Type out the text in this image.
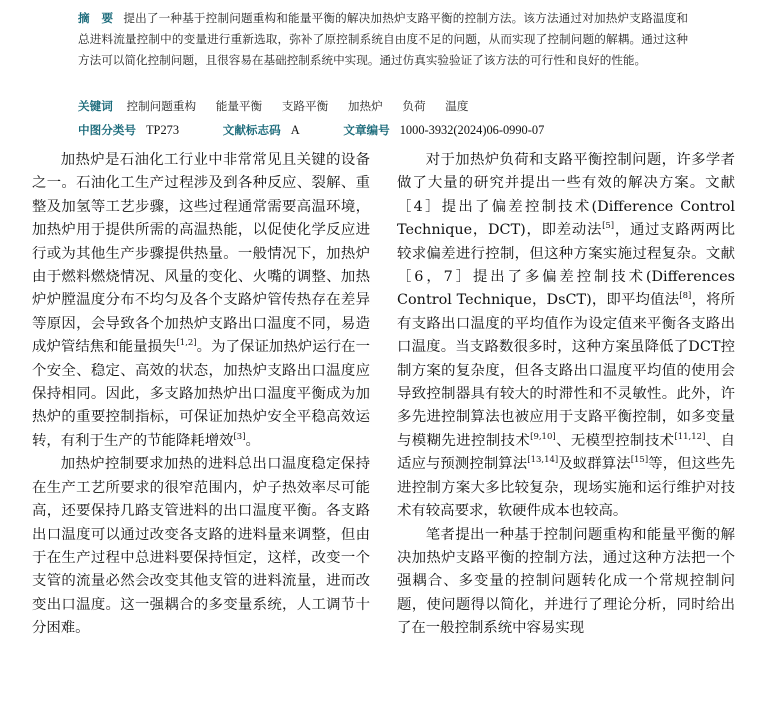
摘　要 提出了一种基于控制问题重构和能量平衡的解决加热炉支路平衡的控制方法。该方法通过对加热炉支路温度和总进料流量控制中的变量进行重新选取，弥补了原控制系统自由度不足的问题，从而实现了控制问题的解耦。通过这种方法可以简化控制问题，且很容易在基础控制系统中实现。通过仿真实验验证了该方法的可行性和良好的性能。
关键词 控制问题重构 能量平衡 支路平衡 加热炉 负荷 温度
中图分类号 TP273	文献标志码 A	文章编号 1000-3932(2024)06-0990-07

加热炉是石油化工行业中非常常见且关键的设备之一。石油化工生产过程涉及到各种反应、裂解、重整及加氢等工艺步骤，这些过程通常需要高温环境，加热炉用于提供所需的高温热能，以促使化学反应进行或为其他生产步骤提供热量。一般情况下，加热炉由于燃料燃烧情况、风量的变化、火嘴的调整、加热炉炉膛温度分布不均匀及各个支路炉管传热存在差异等原因，会导致各个加热炉支路出口温度不同，易造成炉管结焦和能量损失[1,2]。为了保证加热炉运行在一个安全、稳定、高效的状态，加热炉支路出口温度应保持相同。因此，多支路加热炉出口温度平衡成为加热炉的重要控制指标，可保证加热炉安全平稳高效运转，有利于生产的节能降耗增效[3]。

加热炉控制要求加热的进料总出口温度稳定保持在生产工艺所要求的很窄范围内，炉子热效率尽可能高，还要保持几路支管进料的出口温度平衡。各支路出口温度可以通过改变各支路的进料量来调整，但由于在生产过程中总进料要保持恒定，这样，改变一个支管的流量必然会改变其他支管的进料流量，进而改变出口温度。这一强耦合的多变量系统，人工调节十分困难。

对于加热炉负荷和支路平衡控制问题，许多学者做了大量的研究并提出一些有效的解决方案。文献［4］提出了偏差控制技术(Difference Control Technique，DCT)，即差动法[5]，通过支路两两比较求偏差进行控制，但这种方案实施过程复杂。文献［6，7］提出了多偏差控制技术(Differences Control Technique，DsCT)，即平均值法[8]，将所有支路出口温度的平均值作为设定值来平衡各支路出口温度。当支路数很多时，这种方案虽降低了DCT控制方案的复杂度，但各支路出口温度平均值的使用会导致控制器具有较大的时滞性和不灵敏性。此外，许多先进控制算法也被应用于支路平衡控制，如多变量与模糊先进控制技术[9,10]、无模型控制技术[11,12]、自适应与预测控制算法[13,14]及蚁群算法[15]等，但这些先进控制方案大多比较复杂，现场实施和运行维护对技术有较高要求，软硬件成本也较高。

笔者提出一种基于控制问题重构和能量平衡的解决加热炉支路平衡的控制方法，通过这种方法把一个强耦合、多变量的控制问题转化成一个常规控制问题，使问题得以简化，并进行了理论分析，同时给出了在一般控制系统中容易实现
